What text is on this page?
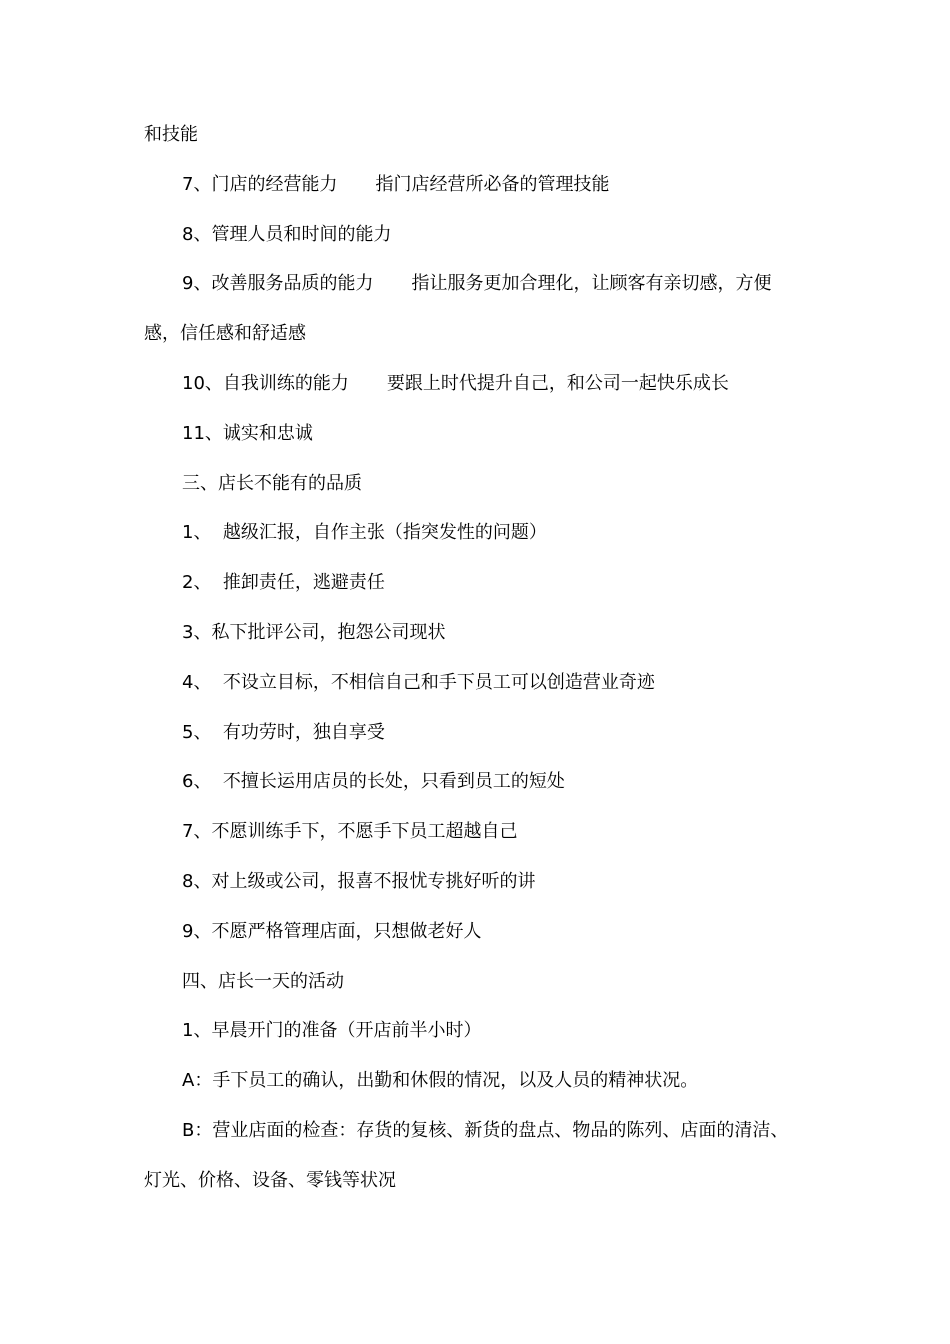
和技能
7、门店的经营能力 指门店经营所必备的管理技能
8、管理人员和时间的能力
9、改善服务品质的能力 指让服务更加合理化，让顾客有亲切感，方便
感，信任感和舒适感
10、自我训练的能力 要跟上时代提升自己，和公司一起快乐成长
11、诚实和忠诚
三、店长不能有的品质
1、  越级汇报，自作主张（指突发性的问题）
2、  推卸责任，逃避责任
3、私下批评公司，抱怨公司现状
4、  不设立目标，不相信自己和手下员工可以创造营业奇迹
5、  有功劳时，独自享受
6、  不擅长运用店员的长处，只看到员工的短处
7、不愿训练手下，不愿手下员工超越自己
8、对上级或公司，报喜不报忧专挑好听的讲
9、不愿严格管理店面，只想做老好人
四、店长一天的活动
1、早晨开门的准备（开店前半小时）
A：手下员工的确认，出勤和休假的情况，以及人员的精神状况。
B：营业店面的检查：存货的复核、新货的盘点、物品的陈列、店面的清洁、
灯光、价格、设备、零钱等状况
